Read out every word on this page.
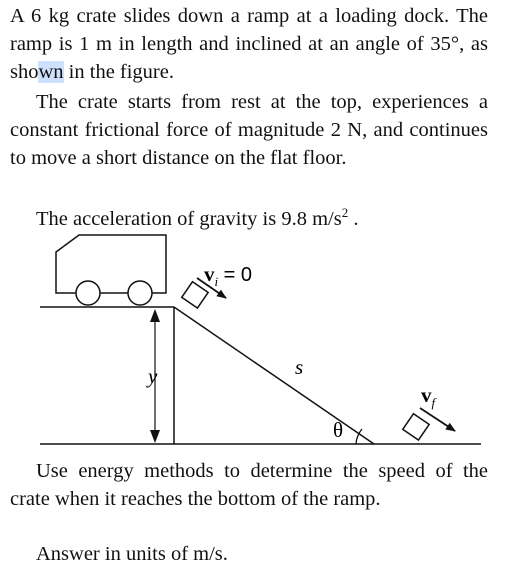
A 6 kg crate slides down a ramp at a loading dock. The ramp is 1 m in length and inclined at an angle of 35°, as shown in the figure.
The crate starts from rest at the top, experiences a constant frictional force of magnitude 2 N, and continues to move a short distance on the flat floor.
The acceleration of gravity is 9.8 $m/s^2$ .
$v_i = 0$
$v_f$
s
y
θ
Use energy methods to determine the speed of the crate when it reaches the bottom of the ramp.
Answer in units of m/s.
